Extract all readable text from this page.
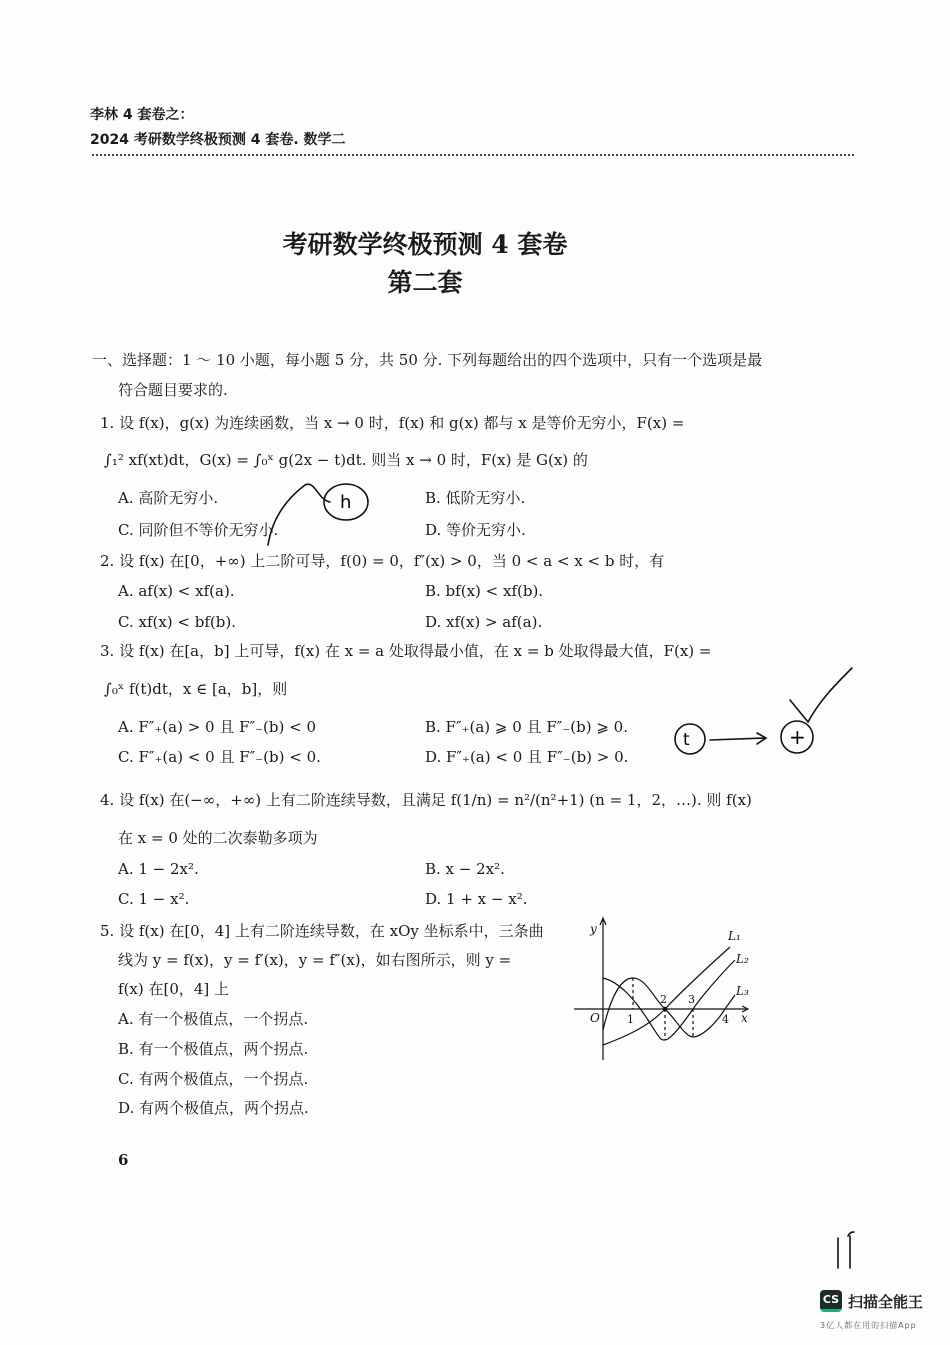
李林 4 套卷之：
2024 考研数学终极预测 4 套卷. 数学二
考研数学终极预测 4 套卷
第二套
一、选择题：1 ～ 10 小题，每小题 5 分，共 50 分. 下列每题给出的四个选项中，只有一个选项是最
符合题目要求的.
1. 设 f(x)，g(x) 为连续函数，当 x → 0 时，f(x) 和 g(x) 都与 x 是等价无穷小，F(x) =
∫₁² xf(xt)dt，G(x) = ∫₀ˣ g(2x − t)dt. 则当 x → 0 时，F(x) 是 G(x) 的
A. 高阶无穷小.	B. 低阶无穷小.
C. 同阶但不等价无穷小.	D. 等价无穷小.
2. 设 f(x) 在[0，+∞) 上二阶可导，f(0) = 0，f″(x) > 0，当 0 < a < x < b 时，有
A. af(x) < xf(a).	B. bf(x) < xf(b).
C. xf(x) < bf(b).	D. xf(x) > af(a).
3. 设 f(x) 在[a，b] 上可导，f(x) 在 x = a 处取得最小值，在 x = b 处取得最大值，F(x) =
∫₀ˣ f(t)dt，x ∈ [a，b]，则
A. F″₊(a) > 0 且 F″₋(b) < 0	B. F″₊(a) ⩾ 0 且 F″₋(b) ⩾ 0.
C. F″₊(a) < 0 且 F″₋(b) < 0.	D. F″₊(a) < 0 且 F″₋(b) > 0.
4. 设 f(x) 在(−∞，+∞) 上有二阶连续导数，且满足 f(1/n) = n²/(n²+1) (n = 1，2，…). 则 f(x)
在 x = 0 处的二次泰勒多项为
A. 1 − 2x².	B. x − 2x².
C. 1 − x².	D. 1 + x − x².
5. 设 f(x) 在[0，4] 上有二阶连续导数，在 xOy 坐标系中，三条曲
线为 y = f(x)，y = f′(x)，y = f″(x)，如右图所示，则 y =
f(x) 在[0，4] 上
A. 有一个极值点，一个拐点.
B. 有一个极值点，两个拐点.
C. 有两个极值点，一个拐点.
D. 有两个极值点，两个拐点.
y
x
O
L₁
L₂
L₃
1
2 3
4
h
t	+
6
CS 扫描全能王
3亿人都在用的扫描App
